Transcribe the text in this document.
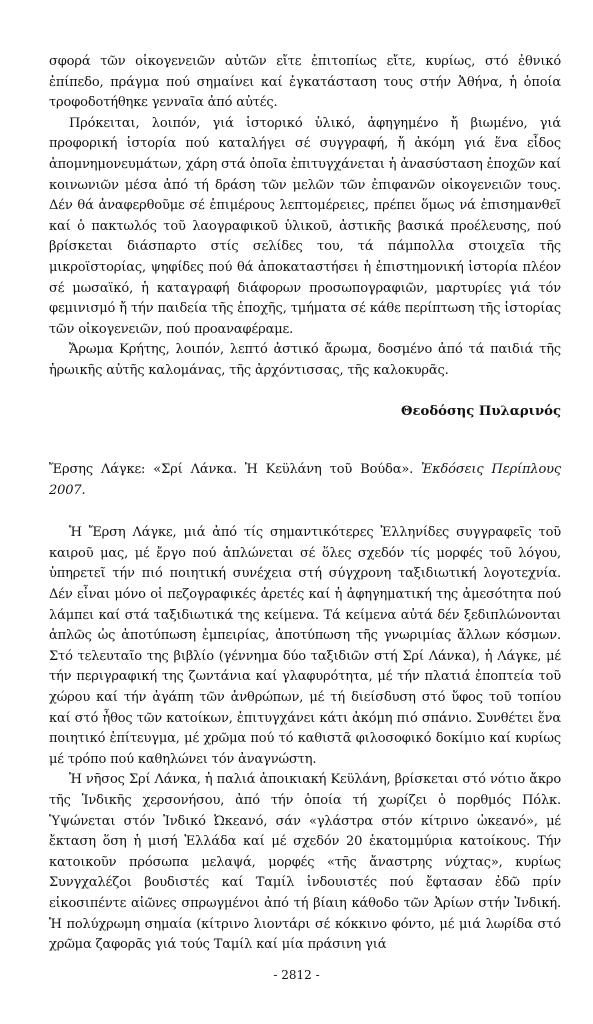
σφορά τῶν οἰκογενειῶν αὐτῶν εἴτε ἐπιτοπίως εἴτε, κυρίως, στό ἐθνικό ἐπίπεδο, πράγμα πού σημαίνει καί ἐγκατάσταση τους στήν Ἀθήνα, ἡ ὁποία τροφοδοτήθηκε γενναῖα ἀπό αὐτές.

Πρόκειται, λοιπόν, γιά ἱστορικό ὑλικό, ἀφηγημένο ἤ βιωμένο, γιά προφορική ἱστορία πού καταλήγει σέ συγγραφή, ἤ ἀκόμη γιά ἕνα εἶδος ἀπομνημονευμάτων, χάρη στά ὁποῖα ἐπιτυγχάνεται ἡ ἀνασύσταση ἐποχῶν καί κοινωνιῶν μέσα ἀπό τή δράση τῶν μελῶν τῶν ἐπιφανῶν οἰκογενειῶν τους. Δέν θά ἀναφερθοῦμε σέ ἐπιμέρους λεπτομέρειες, πρέπει ὅμως νά ἐπισημανθεῖ καί ὁ πακτωλός τοῦ λαογραφικοῦ ὑλικοῦ, ἀστικῆς βασικά προέλευσης, πού βρίσκεται διάσπαρτο στίς σελίδες του, τά πάμπολλα στοιχεῖα τῆς μικροϊστορίας, ψηφίδες πού θά ἀποκαταστήσει ἡ ἐπιστημονική ἱστορία πλέον σέ μωσαϊκό, ἡ καταγραφή διάφορων προσωπογραφιῶν, μαρτυρίες γιά τόν φεμινισμό ἤ τήν παιδεία τῆς ἐποχῆς, τμήματα σέ κάθε περίπτωση τῆς ἱστορίας τῶν οἰκογενειῶν, πού προαναφέραμε.

Ἄρωμα Κρήτης, λοιπόν, λεπτό ἀστικό ἄρωμα, δοσμένο ἀπό τά παιδιά τῆς ἡρωικῆς αὐτῆς καλομάνας, τῆς ἀρχόντισσας, τῆς καλοκυρᾶς.

Θεοδόσης Πυλαρινός

Ἔρσης Λάγκε: «Σρί Λάνκα. Ἡ Κεϋλάνη τοῦ Βούδα». Ἐκδόσεις Περίπλους 2007.

Ἡ Ἔρση Λάγκε, μιά ἀπό τίς σημαντικότερες Ἑλληνίδες συγγραφεῖς τοῦ καιροῦ μας, μέ ἔργο πού ἁπλώνεται σέ ὅλες σχεδόν τίς μορφές τοῦ λόγου, ὑπηρετεῖ τήν πιό ποιητική συνέχεια στή σύγχρονη ταξιδιωτική λογοτεχνία. Δέν εἶναι μόνο οἱ πεζογραφικές ἀρετές καί ἡ ἀφηγηματική της ἀμεσότητα πού λάμπει καί στά ταξιδιωτικά της κείμενα. Τά κείμενα αὐτά δέν ξεδιπλώνονται ἁπλῶς ὡς ἀποτύπωση ἐμπειρίας, ἀποτύπωση τῆς γνωριμίας ἄλλων κόσμων. Στό τελευταῖο της βιβλίο (γέννημα δύο ταξιδιῶν στή Σρί Λάνκα), ἡ Λάγκε, μέ τήν περιγραφική της ζωντάνια καί γλαφυρότητα, μέ τήν πλατιά ἐποπτεία τοῦ χώρου καί τήν ἀγάπη τῶν ἀνθρώπων, μέ τή διείσδυση στό ὕφος τοῦ τοπίου καί στό ἦθος τῶν κατοίκων, ἐπιτυγχάνει κάτι ἀκόμη πιό σπάνιο. Συνθέτει ἕνα ποιητικό ἐπίτευγμα, μέ χρῶμα πού τό καθιστᾶ φιλοσοφικό δοκίμιο καί κυρίως μέ τρόπο πού καθηλώνει τόν ἀναγνώστη.

Ἡ νῆσος Σρί Λάνκα, ἡ παλιά ἀποικιακή Κεϋλάνη, βρίσκεται στό νότιο ἄκρο τῆς Ἰνδικῆς χερσονήσου, ἀπό τήν ὁποία τή χωρίζει ὁ πορθμός Πόλκ. Ὑψώνεται στόν Ἰνδικό Ὠκεανό, σάν «γλάστρα στόν κίτρινο ὠκεανό», μέ ἔκταση ὅση ἡ μισή Ἑλλάδα καί μέ σχεδόν 20 ἑκατομμύρια κατοίκους. Τήν κατοικοῦν πρόσωπα μελαψά, μορφές «τῆς ἄναστρης νύχτας», κυρίως Συνγχαλέζοι βουδιστές καί Ταμίλ ἰνδουιστές πού ἔφτασαν ἐδῶ πρίν εἰκοσιπέντε αἰῶνες σπρωγμένοι ἀπό τή βίαιη κάθοδο τῶν Ἀρίων στήν Ἰνδική. Ἡ πολύχρωμη σημαία (κίτρινο λιοντάρι σέ κόκκινο φόντο, μέ μιά λωρίδα στό χρῶμα ζαφορᾶς γιά τούς Ταμίλ καί μία πράσινη γιά

- 2812 -
